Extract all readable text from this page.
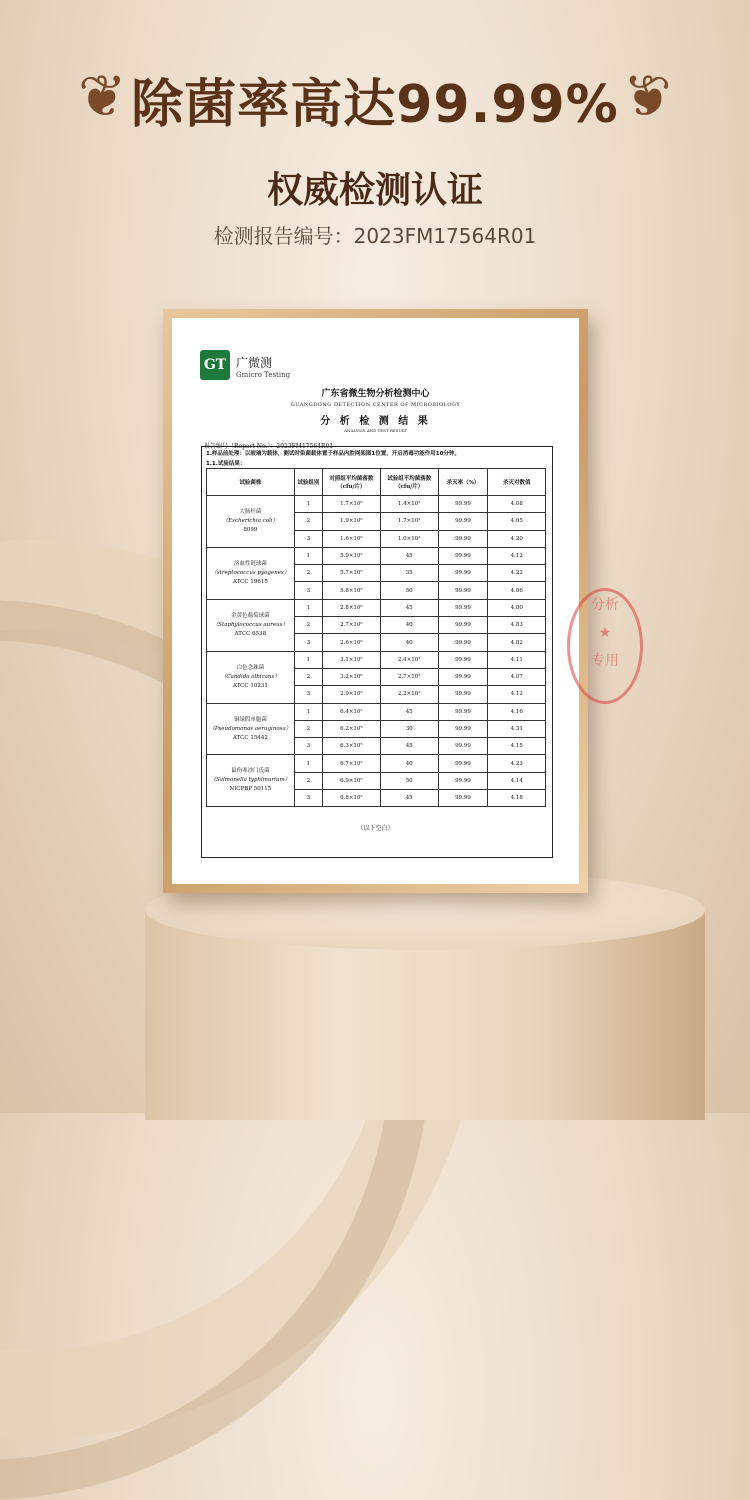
❦ 除菌率高达99.99% ❦
权威检测认证
检测报告编号：2023FM17564R01
GT 广微测
Gmicro Testing
广东省微生物分析检测中心
GUANGDONG DETECTION CENTER OF MICROBIOLOGY
分 析 检 测 结 果
ANALYSIS AND TEST RESULT
报告编号（Report No.）：2023FM17564R01
1.样品前处理：以玻璃为载体，测试时染菌载体置于样品内腔网架图1位置，开启消毒功能作用10分钟。
1.1.试验结果：
试验菌株	试验组别	对照组平均菌落数（cfu/片）	试验组平均菌落数（cfu/片）	杀灭率（%）	杀灭对数值

大肠杆菌
（Escherichia coli）
8099	1	1.7×10⁶	1.4×10²	99.99	4.08
	2	1.9×10⁶	1.7×10²	99.99	4.05
	3	1.6×10⁶	1.0×10²	99.99	4.20

溶血性链球菌
（streptococcus pyogenes）
ATCC 19615	1	5.9×10⁵	45	99.99	4.12
	2	5.7×10⁵	35	99.99	4.22
	3	5.8×10⁵	50	99.99	4.06

金黄色葡萄球菌
（Staphylococcus aureus）
ATCC 6538	1	2.8×10⁶	45	99.99	4.80
	2	2.7×10⁶	40	99.99	4.83
	3	2.6×10⁶	40	99.99	4.82

白色念珠菌
（Candida albicans）
ATCC 10231	1	3.1×10⁶	2.4×10²	99.99	4.11
	2	3.2×10⁶	2.7×10²	99.99	4.07
	3	2.9×10⁶	2.2×10²	99.99	4.12

铜绿假单胞菌
（Pseudomonas aeruginosa）
ATCC 15442	1	6.4×10⁵	45	99.99	4.16
	2	6.2×10⁵	30	99.99	4.31
	3	6.3×10⁵	45	99.99	4.15

鼠伤寒沙门氏菌
（Salmonella typhimurium）
NICPBP 50115	1	6.7×10⁵	40	99.99	4.23
	2	6.9×10⁵	50	99.99	4.14
	3	6.8×10⁵	45	99.99	4.18
（以下空白）
分析
★
专用
